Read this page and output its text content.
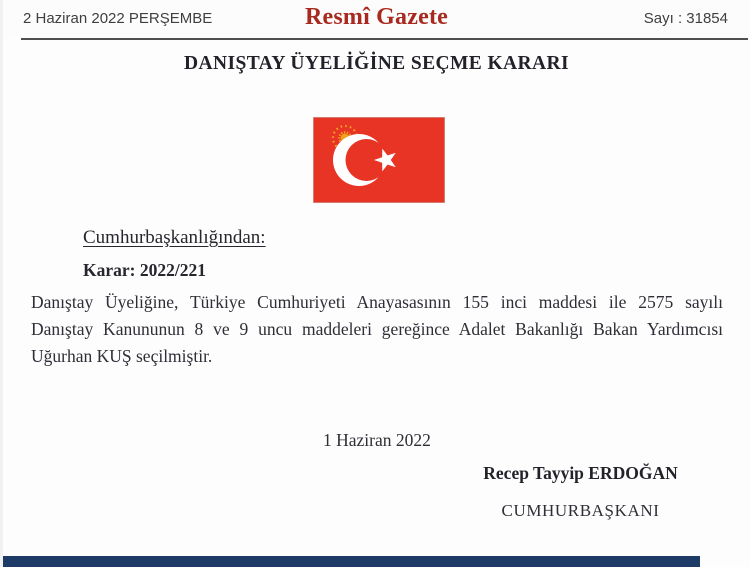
2 Haziran 2022 PERŞEMBE	Resmî Gazete	Sayı : 31854
DANIŞTAY ÜYELİĞİNE SEÇME KARARI
Cumhurbaşkanlığından:
Karar: 2022/221
Danıştay Üyeliğine, Türkiye Cumhuriyeti Anayasasının 155 inci maddesi ile 2575 sayılı
Danıştay Kanununun 8 ve 9 uncu maddeleri gereğince Adalet Bakanlığı Bakan Yardımcısı
Uğurhan KUŞ seçilmiştir.
1 Haziran 2022
Recep Tayyip ERDOĞAN
CUMHURBAŞKANI
